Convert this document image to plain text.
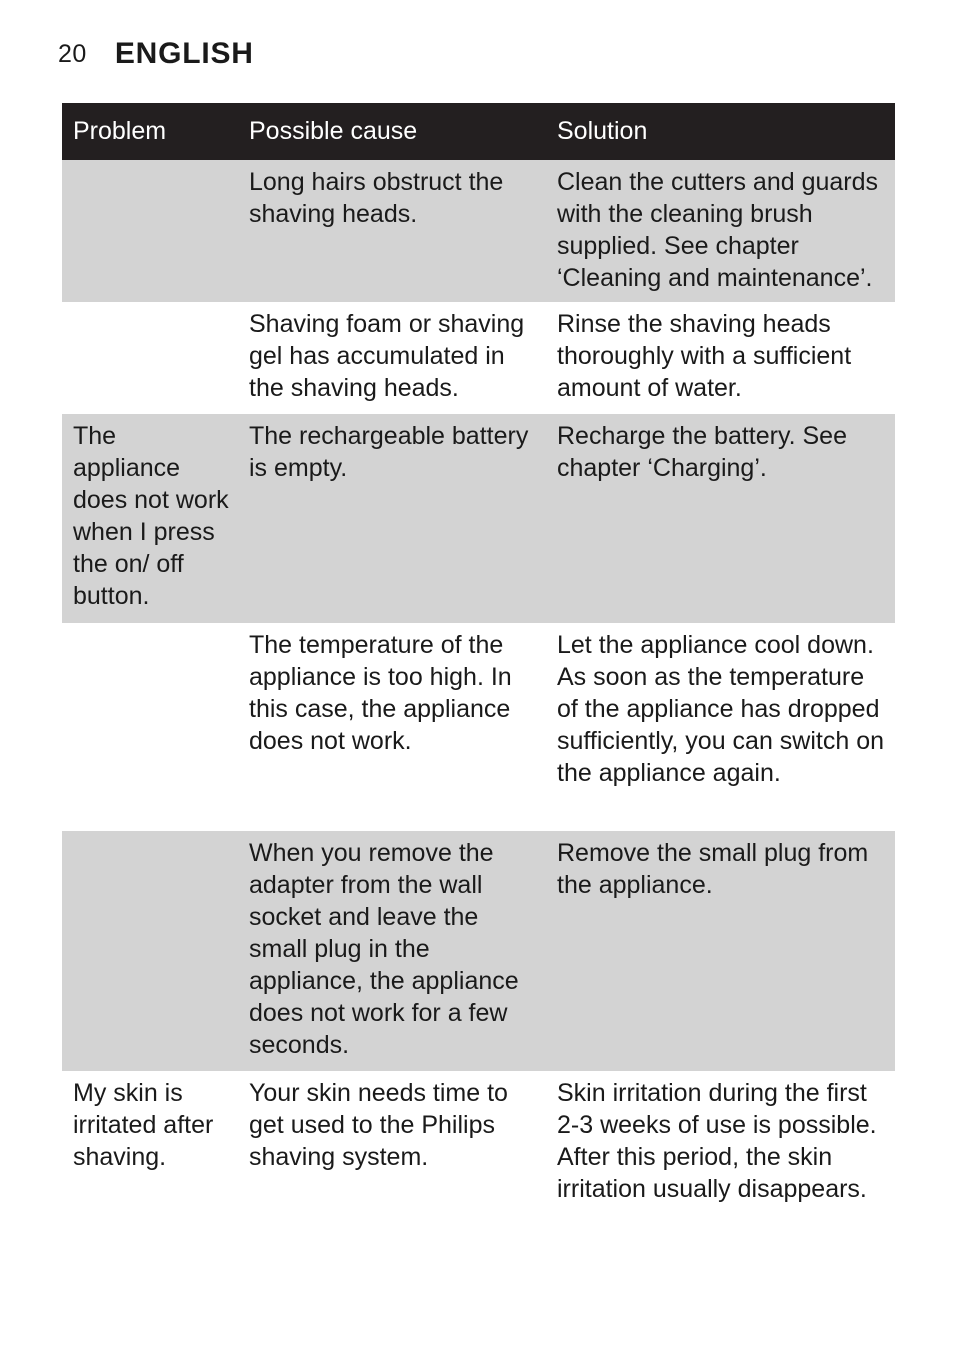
20 ENGLISH
Problem	Possible cause	Solution
Long hairs obstruct the shaving heads.
Clean the cutters and guards with the cleaning brush supplied. See chapter ‘Cleaning and maintenance’.
Shaving foam or shaving gel has accumulated in the shaving heads.
Rinse the shaving heads thoroughly with a sufficient amount of water.
The appliance does not work when I press the on/ off button.
The rechargeable battery is empty.
Recharge the battery. See chapter ‘Charging’.
The temperature of the appliance is too high. In this case, the appliance does not work.
Let the appliance cool down. As soon as the temperature of the appliance has dropped sufficiently, you can switch on the appliance again.
When you remove the adapter from the wall socket and leave the small plug in the appliance, the appliance does not work for a few seconds.
Remove the small plug from the appliance.
My skin is irritated after shaving.
Your skin needs time to get used to the Philips shaving system.
Skin irritation during the first 2-3 weeks of use is possible. After this period, the skin irritation usually disappears.
